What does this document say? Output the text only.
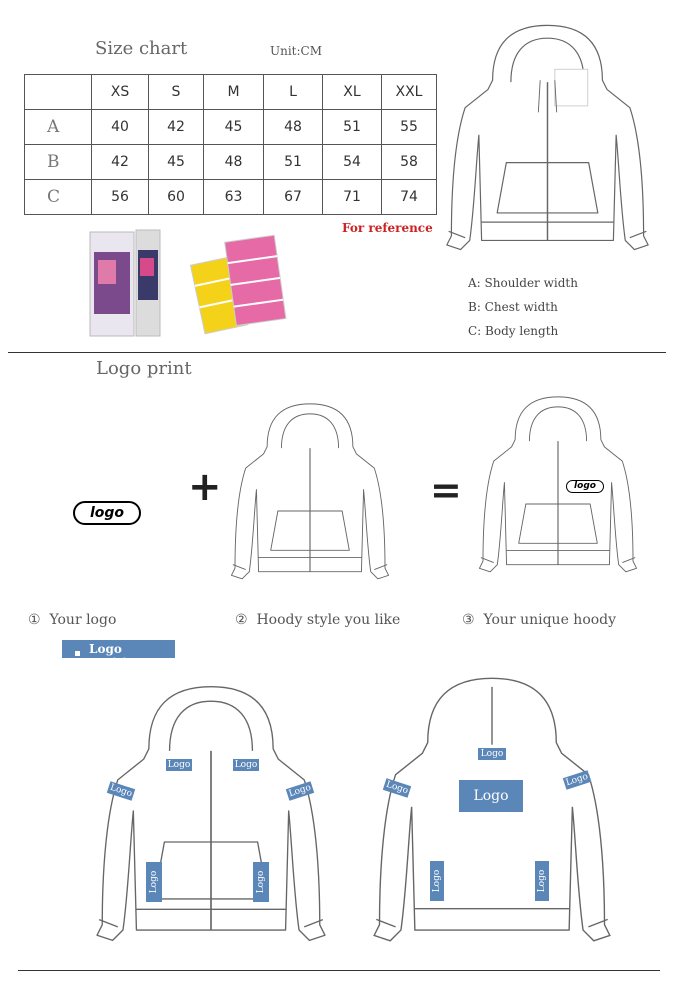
Size chart	Unit:CM
	XS	S	M	L	XL	XXL
A	40	42	45	48	51	55
B	42	45	48	51	54	58
C	56	60	63	67	71	74
For reference
A: Shoulder width
B: Chest width
C: Body length
Logo print
logo
+	=	logo
① Your logo	② Hoody style you like	③ Your unique hoody
Logo position
Logo	Logo
Logo	Logo
Logo	Logo
Logo
Logo
Logo	Logo
Logo	Logo
